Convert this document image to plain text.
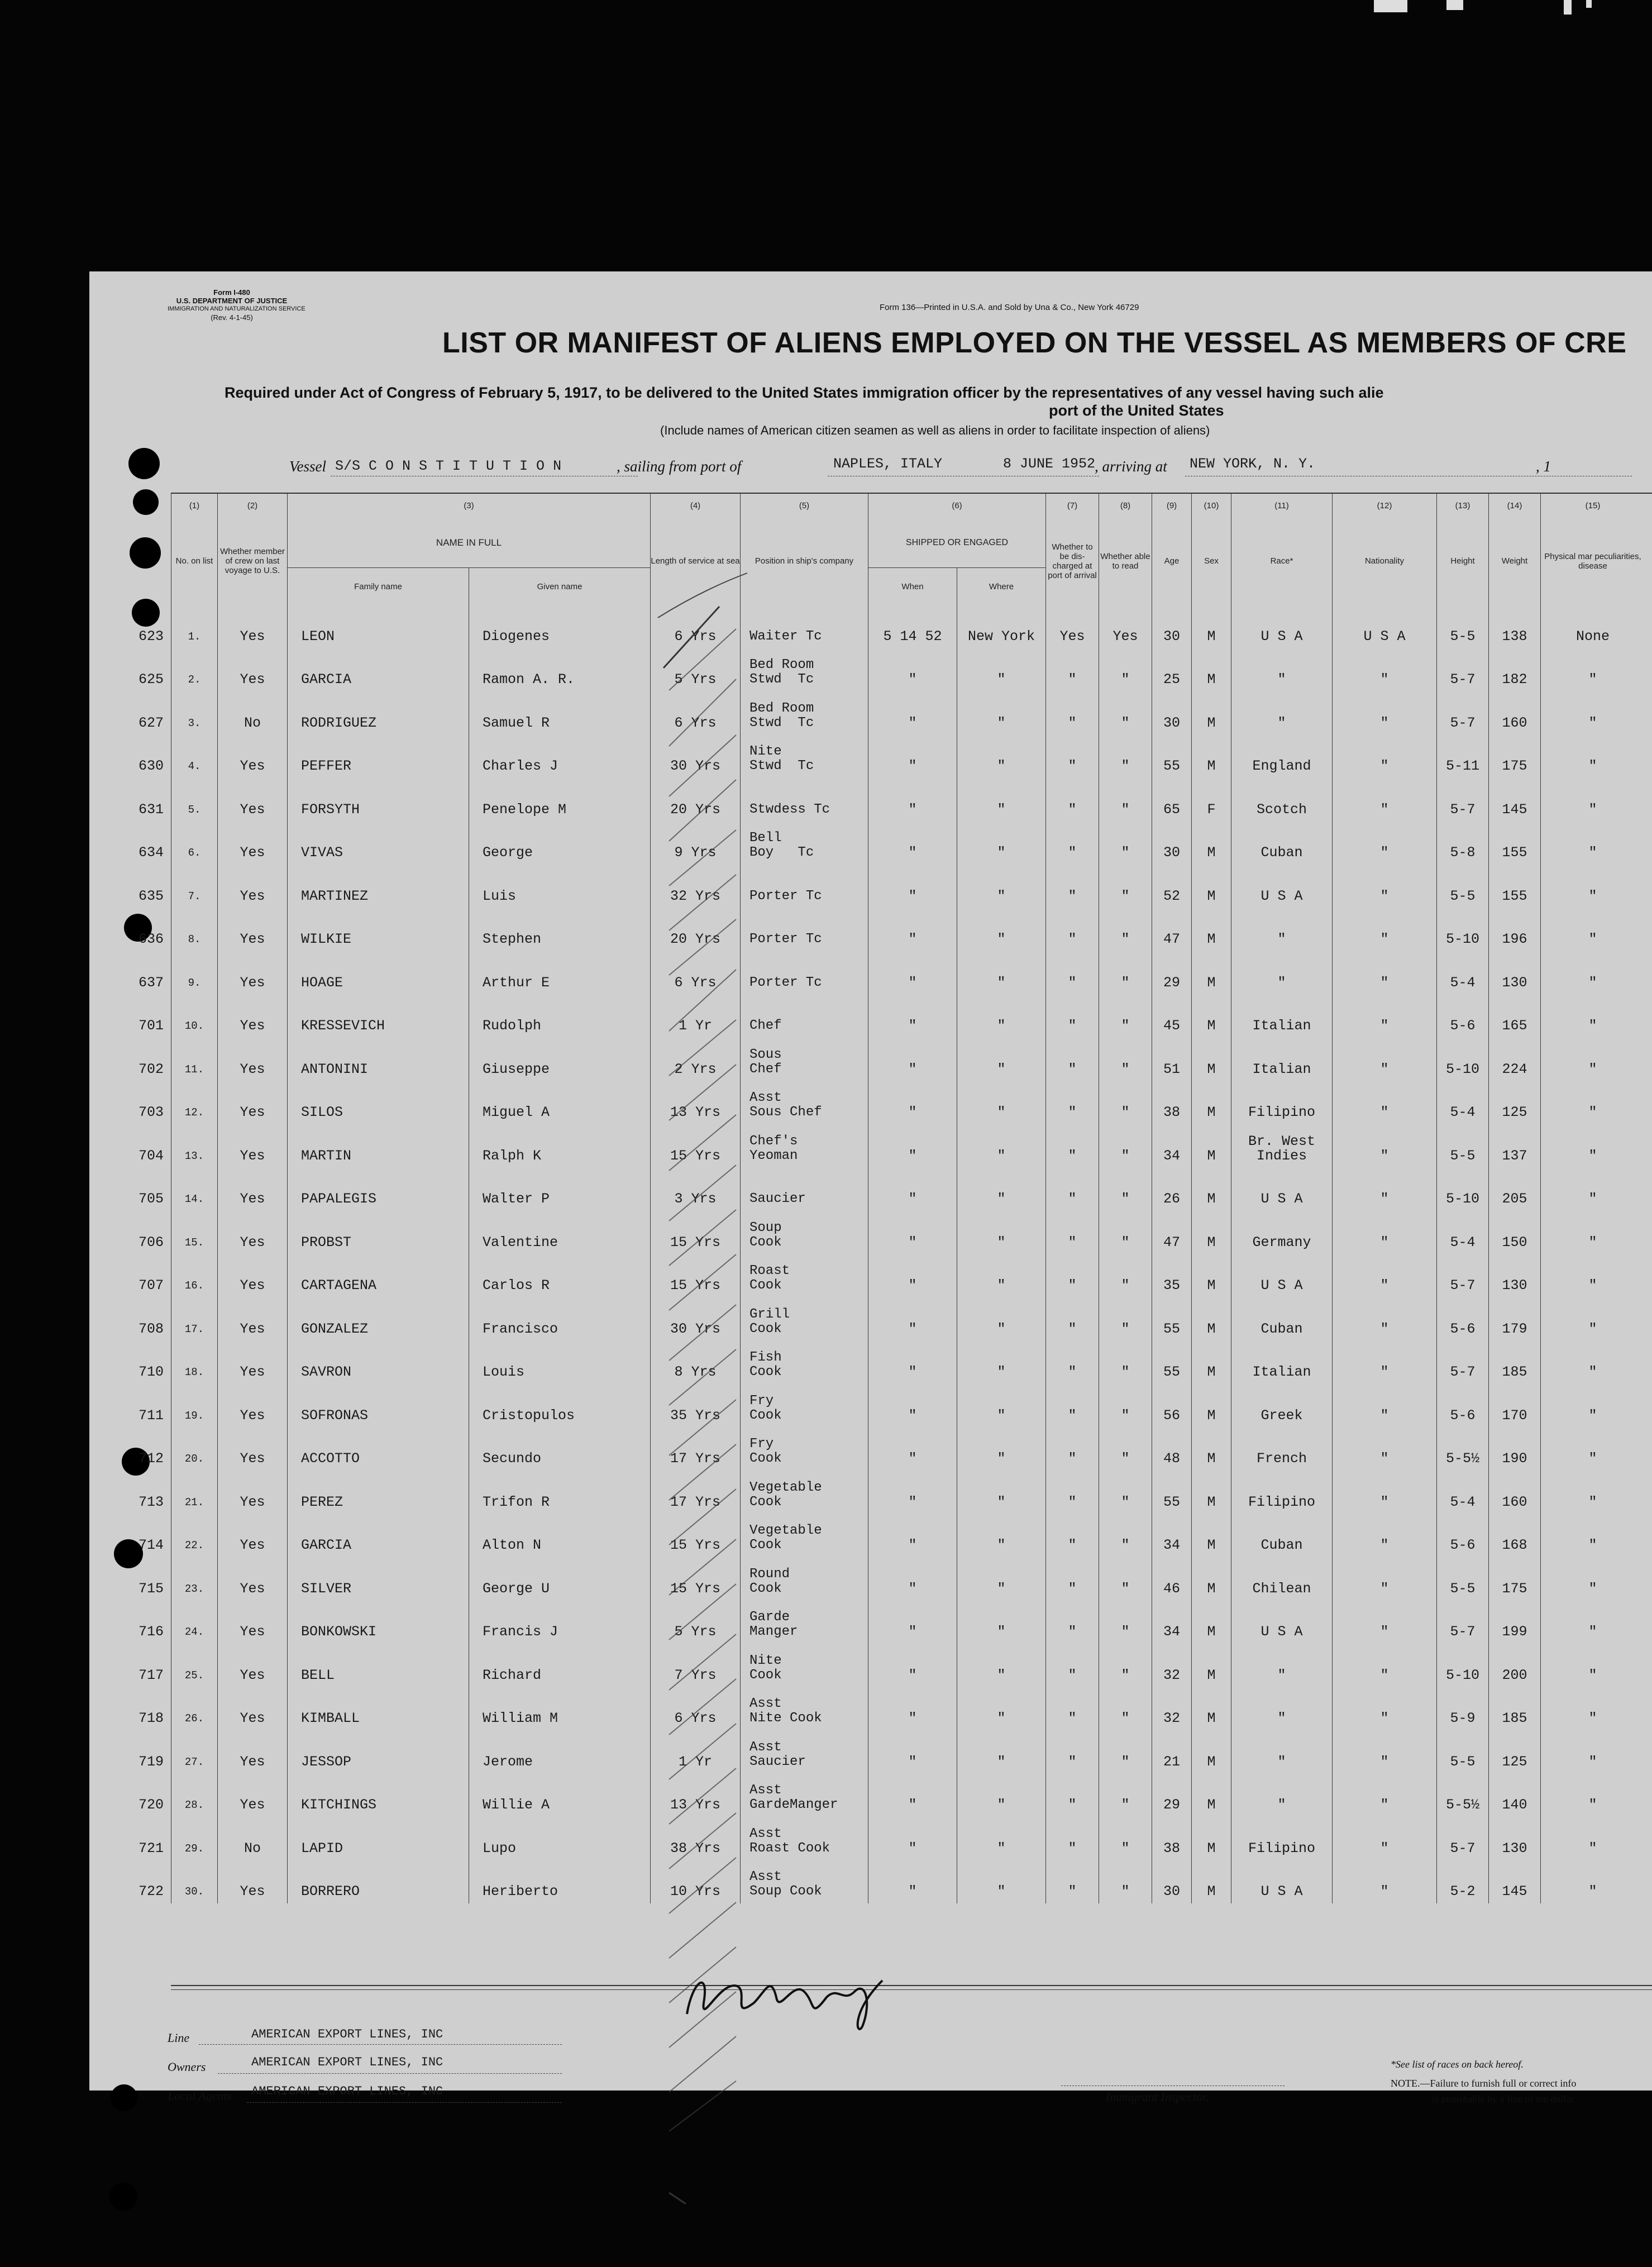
Form I-480
U.S. DEPARTMENT OF JUSTICE
IMMIGRATION AND NATURALIZATION SERVICE
(Rev. 4-1-45)
Form 136—Printed in U.S.A. and Sold by Una & Co., New York 46729
LIST OR MANIFEST OF ALIENS EMPLOYED ON THE VESSEL AS MEMBERS OF CRE
Required under Act of Congress of February 5, 1917, to be delivered to the United States immigration officer by the representatives of any vessel having such alie
port of the United States
(Include names of American citizen seamen as well as aliens in order to facilitate inspection of aliens)
Vessel S/S C O N S T I T U T I O N	, sailing from port of	NAPLES, ITALY	8 JUNE 1952
, arriving at NEW YORK, N. Y.	, 1
(1)	(2)	(3)		(4)	(5)	(6)		(7)	(8)	(9)	(10)	(11)	(12)	(13)	(14)	(15)
No. on list	Whether member of crew on last voyage to U.S.	NAME IN FULL		Length of service at sea	Position in ship's company	SHIPPED OR ENGAGED		Whether to be dis-charged at port of arrival	Whether able to read	Age	Sex	Race*	Nationality	Height	Weight	Physical mar peculiarities, disease
		Family name	Given name			When	Where									

623 1.	Yes	LEON	Diogenes	6 Yrs	Waiter Tc	5 14 52	New York	Yes	Yes	30	M	U S A	U S A	5-5	138	None

625 2.	Yes	GARCIA	Ramon A. R.	5 Yrs	Bed Room
Stwd  Tc	"	"	"	"	25	M	"	"	5-7	182	"

627 3.	No	RODRIGUEZ	Samuel R	6 Yrs	Bed Room
Stwd  Tc	"	"	"	"	30	M	"	"	5-7	160	"

630 4.	Yes	PEFFER	Charles J	30 Yrs	Nite
Stwd  Tc	"	"	"	"	55	M	England	"	5-11	175	"

631 5.	Yes	FORSYTH	Penelope M	20 Yrs	Stwdess Tc	"	"	"	"	65	F	Scotch	"	5-7	145	"

634 6.	Yes	VIVAS	George	9 Yrs	Bell
Boy   Tc	"	"	"	"	30	M	Cuban	"	5-8	155	"

635 7.	Yes	MARTINEZ	Luis	32 Yrs	Porter Tc	"	"	"	"	52	M	U S A	"	5-5	155	"

636 8.	Yes	WILKIE	Stephen	20 Yrs	Porter Tc	"	"	"	"	47	M	"	"	5-10	196	"

637 9.	Yes	HOAGE	Arthur E	6 Yrs	Porter Tc	"	"	"	"	29	M	"	"	5-4	130	"

701 10.	Yes	KRESSEVICH	Rudolph	1 Yr	Chef	"	"	"	"	45	M	Italian	"	5-6	165	"

702 11.	Yes	ANTONINI	Giuseppe	2 Yrs	Sous
Chef	"	"	"	"	51	M	Italian	"	5-10	224	"

703 12.	Yes	SILOS	Miguel A	13 Yrs	Asst
Sous Chef	"	"	"	"	38	M	Filipino	"	5-4	125	"

704 13.	Yes	MARTIN	Ralph K	15 Yrs	Chef's
Yeoman	"	"	"	"	34	M	Br. West
Indies	"	5-5	137	"

705 14.	Yes	PAPALEGIS	Walter P	3 Yrs	Saucier	"	"	"	"	26	M	U S A	"	5-10	205	"

706 15.	Yes	PROBST	Valentine	15 Yrs	Soup
Cook	"	"	"	"	47	M	Germany	"	5-4	150	"

707 16.	Yes	CARTAGENA	Carlos R	15 Yrs	Roast
Cook	"	"	"	"	35	M	U S A	"	5-7	130	"

708 17.	Yes	GONZALEZ	Francisco	30 Yrs	Grill
Cook	"	"	"	"	55	M	Cuban	"	5-6	179	"

710 18.	Yes	SAVRON	Louis	8 Yrs	Fish
Cook	"	"	"	"	55	M	Italian	"	5-7	185	"

711 19.	Yes	SOFRONAS	Cristopulos	35 Yrs	Fry
Cook	"	"	"	"	56	M	Greek	"	5-6	170	"

712 20.	Yes	ACCOTTO	Secundo	17 Yrs	Fry
Cook	"	"	"	"	48	M	French	"	5-5½	190	"

713 21.	Yes	PEREZ	Trifon R	17 Yrs	Vegetable
Cook	"	"	"	"	55	M	Filipino	"	5-4	160	"

714 22.	Yes	GARCIA	Alton N	15 Yrs	Vegetable
Cook	"	"	"	"	34	M	Cuban	"	5-6	168	"

715 23.	Yes	SILVER	George U	15 Yrs	Round
Cook	"	"	"	"	46	M	Chilean	"	5-5	175	"

716 24.	Yes	BONKOWSKI	Francis J	5 Yrs	Garde
Manger	"	"	"	"	34	M	U S A	"	5-7	199	"

717 25.	Yes	BELL	Richard	7 Yrs	Nite
Cook	"	"	"	"	32	M	"	"	5-10	200	"

718 26.	Yes	KIMBALL	William M	6 Yrs	Asst
Nite Cook	"	"	"	"	32	M	"	"	5-9	185	"

719 27.	Yes	JESSOP	Jerome	1 Yr	Asst
Saucier	"	"	"	"	21	M	"	"	5-5	125	"

720 28.	Yes	KITCHINGS	Willie A	13 Yrs	Asst
GardeManger	"	"	"	"	29	M	"	"	5-5½	140	"

721 29.	No	LAPID	Lupo	38 Yrs	Asst
Roast Cook	"	"	"	"	38	M	Filipino	"	5-7	130	"

722 30.	Yes	BORRERO	Heriberto	10 Yrs	Asst
Soup Cook	"	"	"	"	30	M	U S A	"	5-2	145	"
Line	AMERICAN EXPORT LINES, INC
Owners	AMERICAN EXPORT LINES, INC
Local Agents AMERICAN EXPORT LINES, INC	Immigrant Inspector.
*See list of races on back hereof.
NOTE.—Failure to furnish full or correct info
is punishable by a fine of ten dollar
